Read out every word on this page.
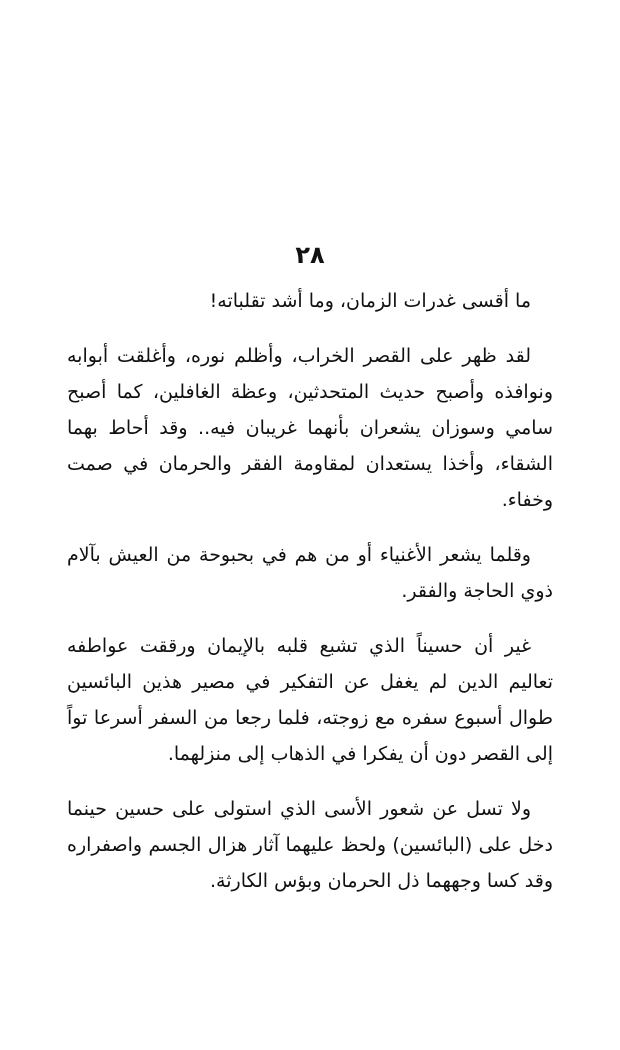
٢٨

ما أقسى غدرات الزمان، وما أشد تقلباته!

لقد ظهر على القصر الخراب، وأظلم نوره، وأغلقت أبوابه ونوافذه وأصبح حديث المتحدثين، وعظة الغافلين، كما أصبح سامي وسوزان يشعران بأنهما غريبان فيه.. وقد أحاط بهما الشقاء، وأخذا يستعدان لمقاومة الفقر والحرمان في صمت وخفاء.

وقلما يشعر الأغنياء أو من هم في بحبوحة من العيش بآلام ذوي الحاجة والفقر.

غير أن حسيناً الذي تشبع قلبه بالإيمان ورققت عواطفه تعاليم الدين لم يغفل عن التفكير في مصير هذين البائسين طوال أسبوع سفره مع زوجته، فلما رجعا من السفر أسرعا تواً إلى القصر دون أن يفكرا في الذهاب إلى منزلهما.

ولا تسل عن شعور الأسى الذي استولى على حسين حينما دخل على (البائسين) ولحظ عليهما آثار هزال الجسم واصفراره وقد كسا وجههما ذل الحرمان وبؤس الكارثة.
